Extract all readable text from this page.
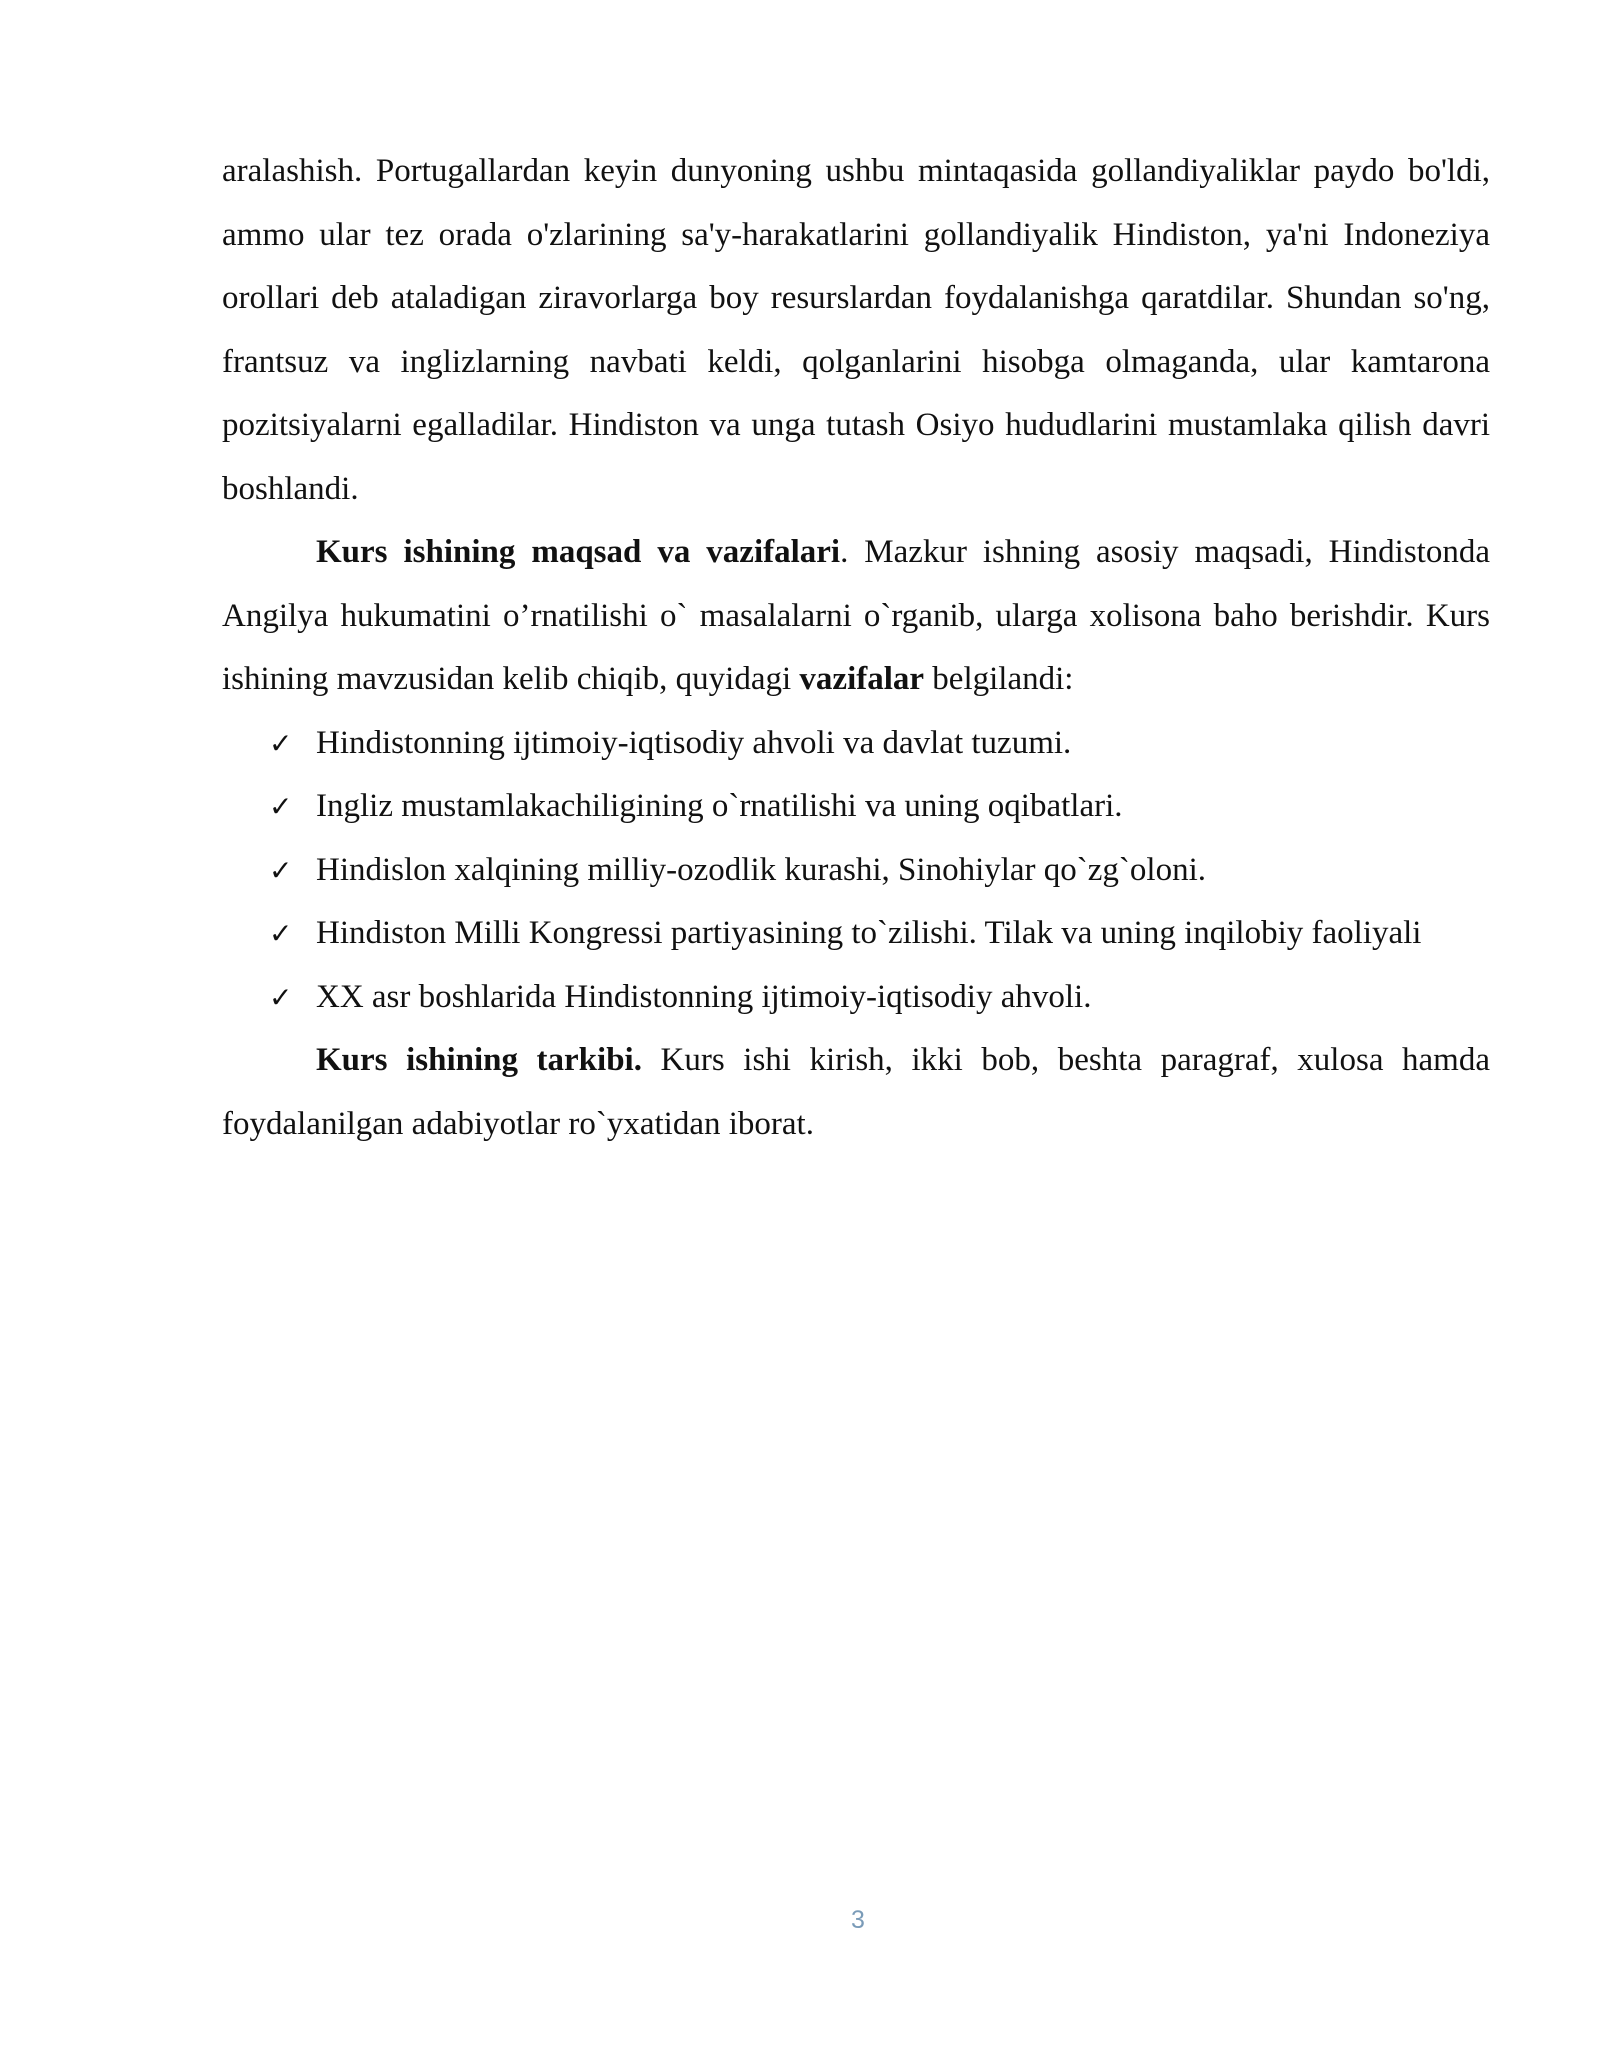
aralashish. Portugallardan keyin dunyoning ushbu mintaqasida gollandiyaliklar paydo bo'ldi, ammo ular tez orada o'zlarining sa'y-harakatlarini gollandiyalik Hindiston, ya'ni Indoneziya orollari deb ataladigan ziravorlarga boy resurslardan foydalanishga qaratdilar. Shundan so'ng, frantsuz va inglizlarning navbati keldi, qolganlarini hisobga olmaganda, ular kamtarona pozitsiyalarni egalladilar. Hindiston va unga tutash Osiyo hududlarini mustamlaka qilish davri boshlandi.

Kurs ishining maqsad va vazifalari. Mazkur ishning asosiy maqsadi, Hindistonda Angilya hukumatini o’rnatilishi o` masalalarni o`rganib, ularga xolisona baho berishdir. Kurs ishining mavzusidan kelib chiqib, quyidagi vazifalar belgilandi:

✓ Hindistonning ijtimoiy-iqtisodiy ahvoli va davlat tuzumi.
✓ Ingliz mustamlakachiligining o`rnatilishi va uning oqibatlari.
✓ Hindislon xalqining milliy-ozodlik kurashi, Sinohiylar qo`zg`oloni.
✓ Hindiston Milli Kongressi partiyasining to`zilishi. Tilak va uning inqilobiy faoliyali
✓ XX asr boshlarida Hindistonning ijtimoiy-iqtisodiy ahvoli.

Kurs ishining tarkibi. Kurs ishi kirish, ikki bob, beshta paragraf, xulosa hamda foydalanilgan adabiyotlar ro`yxatidan iborat.

3
